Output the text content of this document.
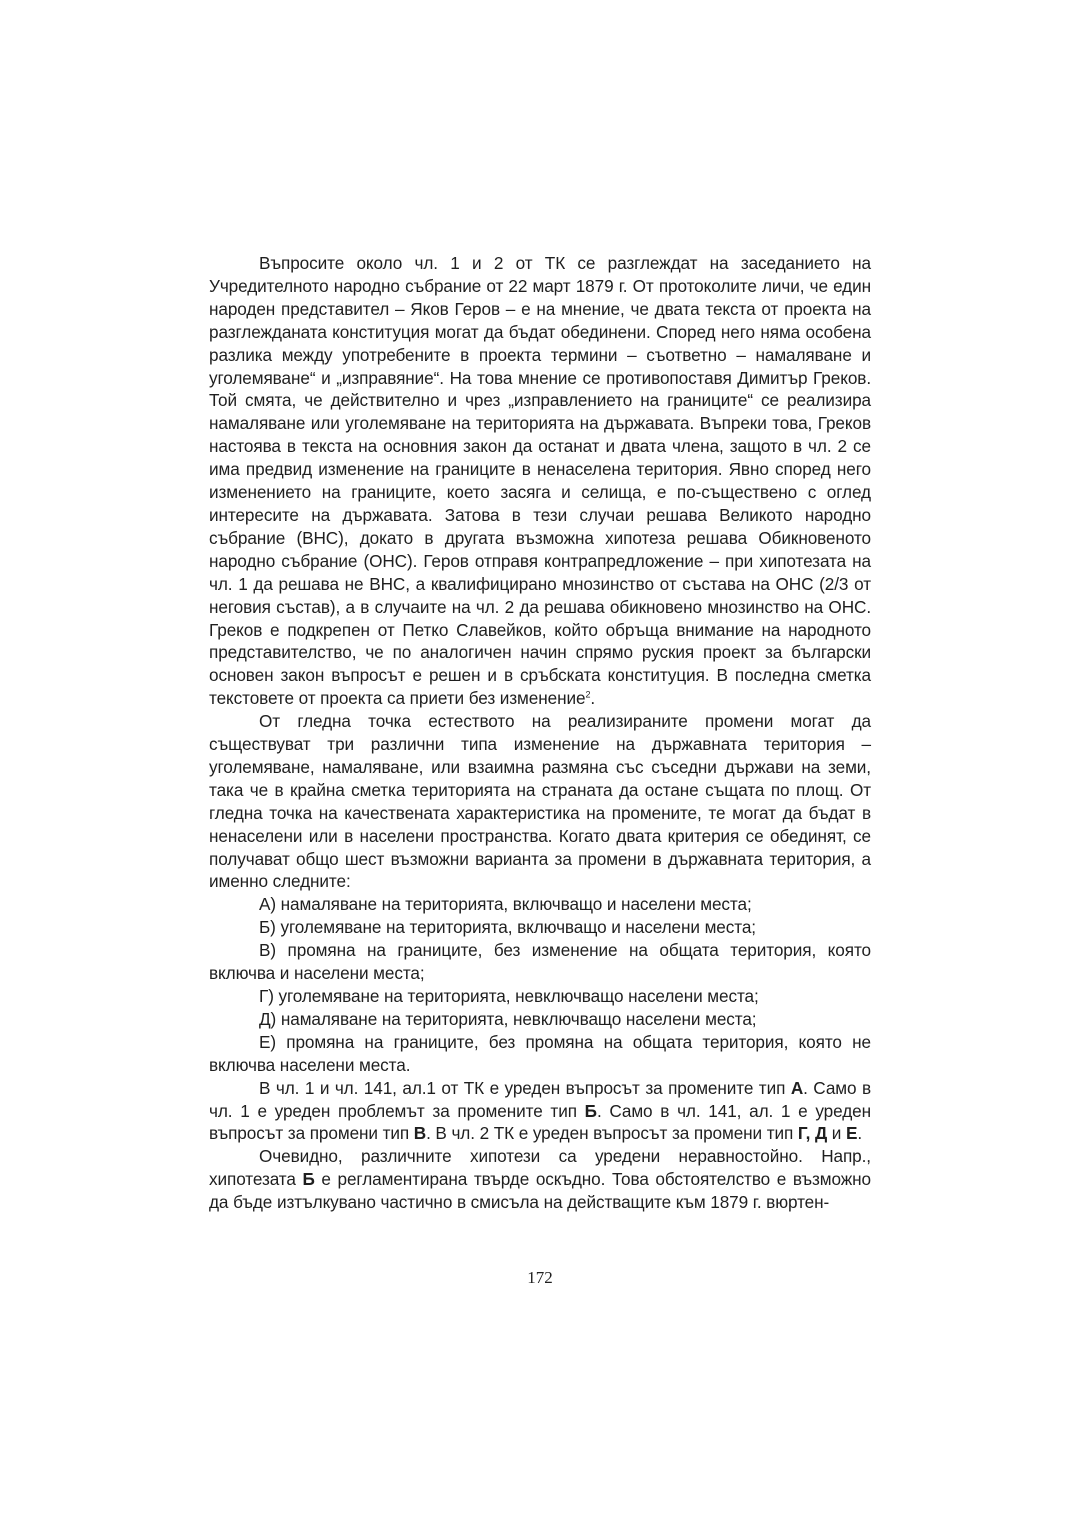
Въпросите около чл. 1 и 2 от ТК се разглеждат на заседанието на Учредителното народно събрание от 22 март 1879 г. От протоколите личи, че един народен представител – Яков Геров – е на мнение, че двата текста от проекта на разглежданата конституция могат да бъдат обединени. Според него няма особена разлика между употребените в проекта термини – съответно – намаляване и уголемяване“ и „изправяние“. На това мнение се противопоставя Димитър Греков. Той смята, че действително и чрез „изправлението на границите“ се реализира намаляване или уголемяване на територията на държавата. Въпреки това, Греков настоява в текста на основния закон да останат и двата члена, защото в чл. 2 се има предвид изменение на границите в ненаселена територия. Явно според него изменението на границите, което засяга и селища, е по-съществено с оглед интересите на държавата. Затова в тези случаи решава Великото народно събрание (ВНС), докато в другата възможна хипотеза решава Обикновеното народно събрание (ОНС). Геров отправя контрапредложение – при хипотезата на чл. 1 да решава не ВНС, а квалифицирано мнозинство от състава на ОНС (2/3 от неговия състав), а в случаите на чл. 2 да решава обикновено мнозинство на ОНС. Греков е подкрепен от Петко Славейков, който обръща внимание на народното представителство, че по аналогичен начин спрямо руския проект за български основен закон въпросът е решен и в сръбската конституция. В последна сметка текстовете от проекта са приети без изменение$^2$.

От гледна точка естеството на реализираните промени могат да съществуват три различни типа изменение на държавната територия – уголемяване, намаляване, или взаимна размяна със съседни държави на земи, така че в крайна сметка територията на страната да остане същата по площ. От гледна точка на качествената характеристика на промените, те могат да бъдат в ненаселени или в населени пространства. Когато двата критерия се обединят, се получават общо шест възможни варианта за промени в държавната територия, а именно следните:

А) намаляване на територията, включващо и населени места;

Б) уголемяване на територията, включващо и населени места;

В) промяна на границите, без изменение на общата територия, която включва и населени места;

Г) уголемяване на територията, невключващо населени места;

Д) намаляване на територията, невключващо населени места;

Е) промяна на границите, без промяна на общата територия, която не включва населени места.

В чл. 1 и чл. 141, ал.1 от ТК е уреден въпросът за промените тип А. Само в чл. 1 е уреден проблемът за промените тип Б. Само в чл. 141, ал. 1 е уреден въпросът за промени тип В. В чл. 2 ТК е уреден въпросът за промени тип Г, Д и Е.

Очевидно, различните хипотези са уредени неравностойно. Напр., хипотезата Б е регламентирана твърде оскъдно. Това обстоятелство е възможно да бъде изтълкувано частично в смисъла на действащите към 1879 г. вюртен-

172
